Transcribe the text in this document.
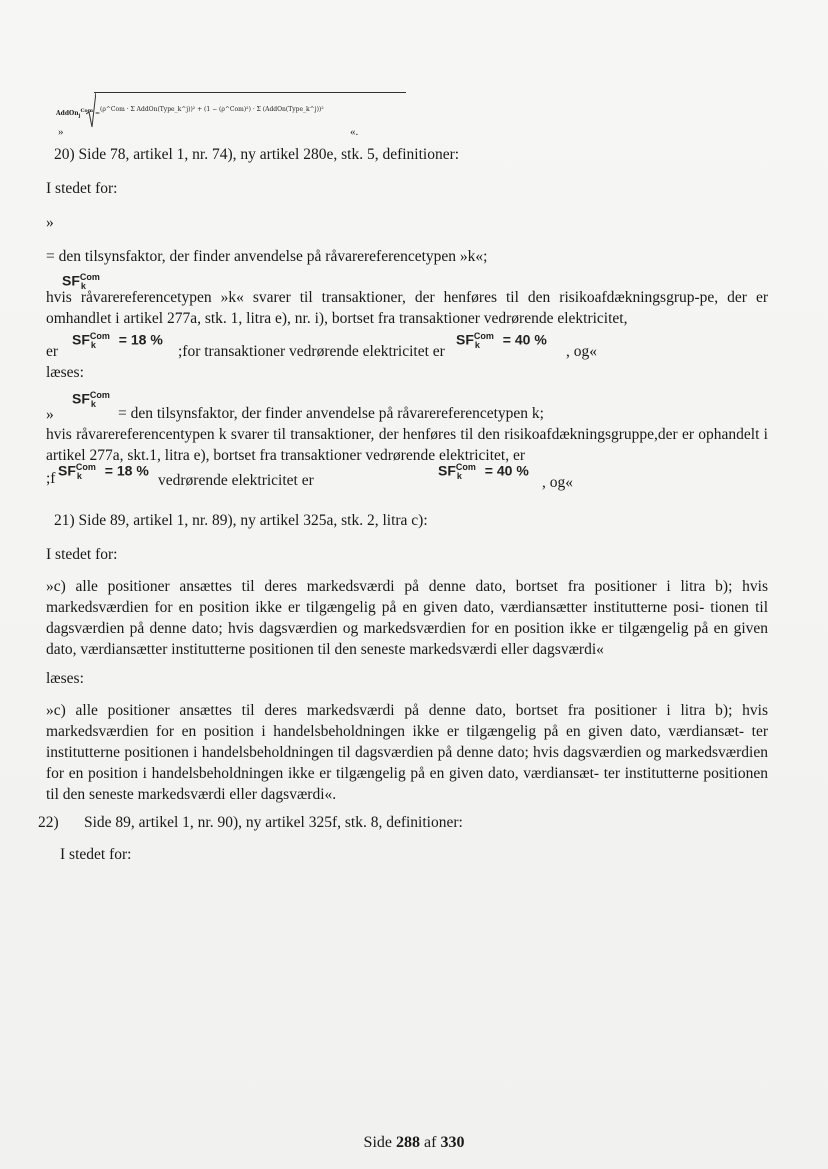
AddOn$_j^{Com}$ =
(ρ^Com · Σ AddOn(Type_k^j))² + (1 − (ρ^Com)²) · Σ (AddOn(Type_k^j))²
»	«.
20) Side 78, artikel 1, nr. 74), ny artikel 280e, stk. 5, definitioner:
I stedet for:
»
= den tilsynsfaktor, der finder anvendelse på råvarereferencetypen »k«;
$SF^{Com}_k$
hvis råvarereferencetypen »k« svarer til transaktioner, der henføres til den risikoafdækningsgrup-pe, der er omhandlet i artikel 277a, stk. 1, litra e), nr. i), bortset fra transaktioner vedrørende elektricitet,
er
$SF^{Com}_k = 18$ %
;for transaktioner vedrørende elektricitet er
$SF^{Com}_k = 40$ %
, og«
læses:
$SF^{Com}_k$
»	= den tilsynsfaktor, der finder anvendelse på råvarereferencetypen k;
hvis råvarereferencentypen k svarer til transaktioner, der henføres til den risikoafdækningsgruppe,der er ophandelt i artikel 277a, skt.1, litra e), bortset fra transaktioner vedrørende elektricitet, er
;f $SF^{Com}_k = 18$ %
vedrørende elektricitet er
$SF^{Com}_k = 40$ %
, og«
21) Side 89, artikel 1, nr. 89), ny artikel 325a, stk. 2, litra c):
I stedet for:
»c) alle positioner ansættes til deres markedsværdi på denne dato, bortset fra positioner i litra b); hvis markedsværdien for en position ikke er tilgængelig på en given dato, værdiansætter institutterne posi- tionen til dagsværdien på denne dato; hvis dagsværdien og markedsværdien for en position ikke er tilgængelig på en given dato, værdiansætter institutterne positionen til den seneste markedsværdi eller dagsværdi«
læses:
»c) alle positioner ansættes til deres markedsværdi på denne dato, bortset fra positioner i litra b); hvis markedsværdien for en position i handelsbeholdningen ikke er tilgængelig på en given dato, værdiansæt- ter institutterne positionen i handelsbeholdningen til dagsværdien på denne dato; hvis dagsværdien og markedsværdien for en position i handelsbeholdningen ikke er tilgængelig på en given dato, værdiansæt- ter institutterne positionen til den seneste markedsværdi eller dagsværdi«.
22) Side 89, artikel 1, nr. 90), ny artikel 325f, stk. 8, definitioner:
I stedet for:
Side 288 af 330
